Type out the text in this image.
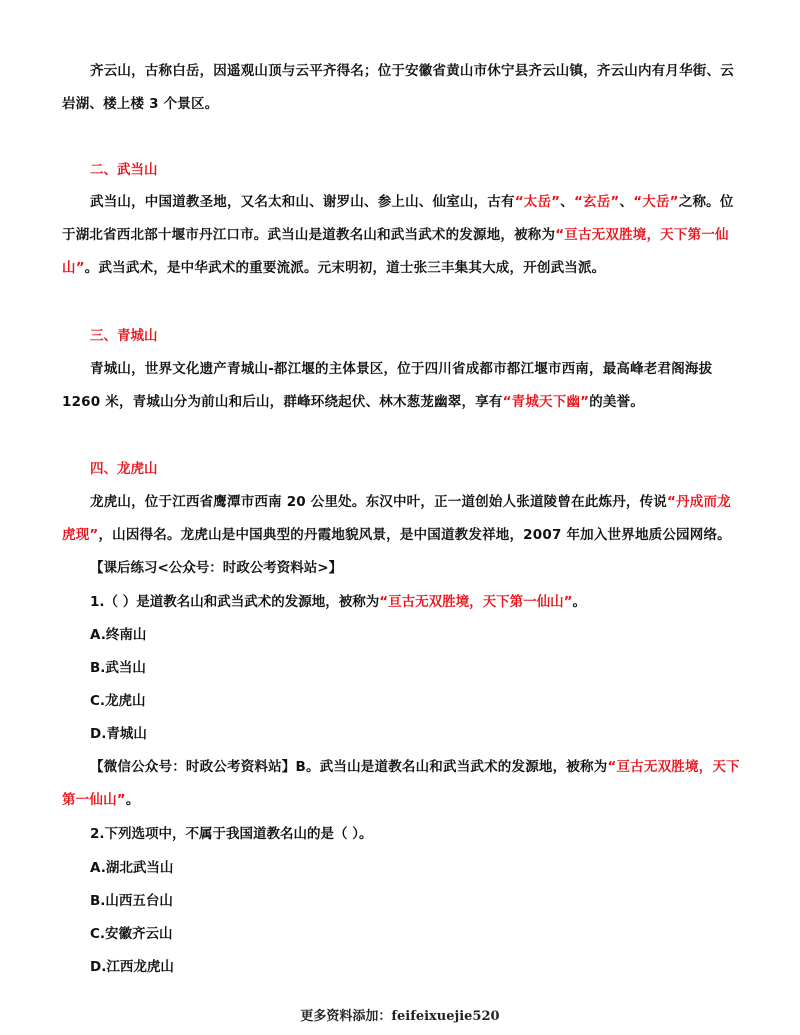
齐云山，古称白岳，因遥观山顶与云平齐得名；位于安徽省黄山市休宁县齐云山镇，齐云山内有月华街、云岩湖、楼上楼 3 个景区。

二、武当山

武当山，中国道教圣地，又名太和山、谢罗山、参上山、仙室山，古有“太岳”、“玄岳”、“大岳”之称。位于湖北省西北部十堰市丹江口市。武当山是道教名山和武当武术的发源地，被称为“亘古无双胜境，天下第一仙山”。武当武术，是中华武术的重要流派。元末明初，道士张三丰集其大成，开创武当派。

三、青城山

青城山，世界文化遗产青城山-都江堰的主体景区，位于四川省成都市都江堰市西南，最高峰老君阁海拔 1260 米，青城山分为前山和后山，群峰环绕起伏、林木葱茏幽翠，享有“青城天下幽”的美誉。

四、龙虎山

龙虎山，位于江西省鹰潭市西南 20 公里处。东汉中叶，正一道创始人张道陵曾在此炼丹，传说“丹成而龙虎现”，山因得名。龙虎山是中国典型的丹霞地貌风景，是中国道教发祥地，2007 年加入世界地质公园网络。

【课后练习<公众号：时政公考资料站>】

1.（ ）是道教名山和武当武术的发源地，被称为“亘古无双胜境，天下第一仙山”。

A.终南山

B.武当山

C.龙虎山

D.青城山

【微信公众号：时政公考资料站】B。武当山是道教名山和武当武术的发源地，被称为“亘古无双胜境，天下第一仙山”。

2.下列选项中，不属于我国道教名山的是（ ）。

A.湖北武当山

B.山西五台山

C.安徽齐云山

D.江西龙虎山

更多资料添加：feifeixuejie520
